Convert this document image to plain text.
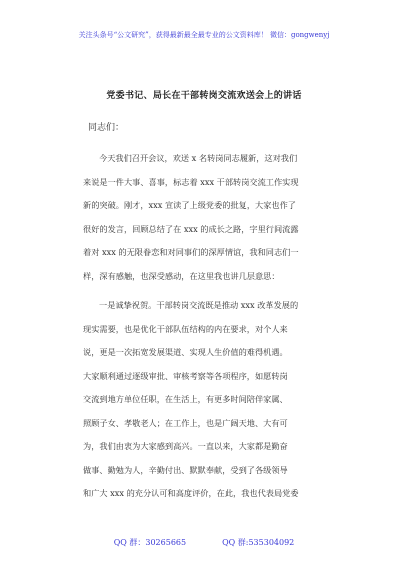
关注头条号“公文研究”，获得最新最全最专业的公文资料库！ 微信：gongwenyj
党委书记、局长在干部转岗交流欢送会上的讲话
同志们：
今天我们召开会议，欢送 x 名转岗同志履新，这对我们
来说是一件大事、喜事，标志着 xxx 干部转岗交流工作实现
新的突破。刚才，xxx 宣读了上级党委的批复，大家也作了
很好的发言，回顾总结了在 xxx 的成长之路，字里行间流露
着对 xxx 的无限眷恋和对同事们的深厚情谊，我和同志们一
样，深有感触，也深受感动，在这里我也讲几层意思：
一是诚挚祝贺。干部转岗交流既是推动 xxx 改革发展的
现实需要，也是优化干部队伍结构的内在要求，对个人来
说，更是一次拓宽发展渠道、实现人生价值的难得机遇。
大家顺利通过逐级审批、审核考察等各项程序，如愿转岗
交流到地方单位任职，在生活上，有更多时间陪伴家属、
照顾子女、孝敬老人；在工作上，也是广阔天地、大有可
为，我们由衷为大家感到高兴。一直以来，大家都是勤奋
做事、勤勉为人，辛勤付出、默默奉献，受到了各级领导
和广大 xxx 的充分认可和高度评价，在此，我也代表局党委
QQ 群：30265665	QQ 群:535304092
